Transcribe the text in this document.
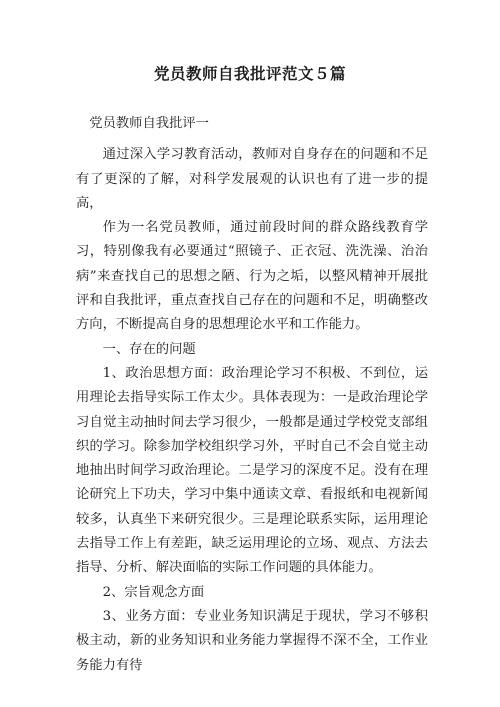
党员教师自我批评范文５篇

党员教师自我批评一

通过深入学习教育活动，教师对自身存在的问题和不足有了更深的了解，对科学发展观的认识也有了进一步的提高，

作为一名党员教师，通过前段时间的群众路线教育学习，特别像我有必要通过“照镜子、正衣冠、洗洗澡、治治病”来查找自己的思想之陋、行为之垢，以整风精神开展批评和自我批评，重点查找自己存在的问题和不足，明确整改方向，不断提高自身的思想理论水平和工作能力。

一、存在的问题

1、政治思想方面：政治理论学习不积极、不到位，运用理论去指导实际工作太少。具体表现为：一是政治理论学习自觉主动抽时间去学习很少，一般都是通过学校党支部组织的学习。除参加学校组织学习外，平时自己不会自觉主动地抽出时间学习政治理论。二是学习的深度不足。没有在理论研究上下功夫，学习中集中通读文章、看报纸和电视新闻较多，认真坐下来研究很少。三是理论联系实际，运用理论去指导工作上有差距，缺乏运用理论的立场、观点、方法去指导、分析、解决面临的实际工作问题的具体能力。

2、宗旨观念方面

3、业务方面：专业业务知识满足于现状，学习不够积极主动，新的业务知识和业务能力掌握得不深不全，工作业务能力有待
